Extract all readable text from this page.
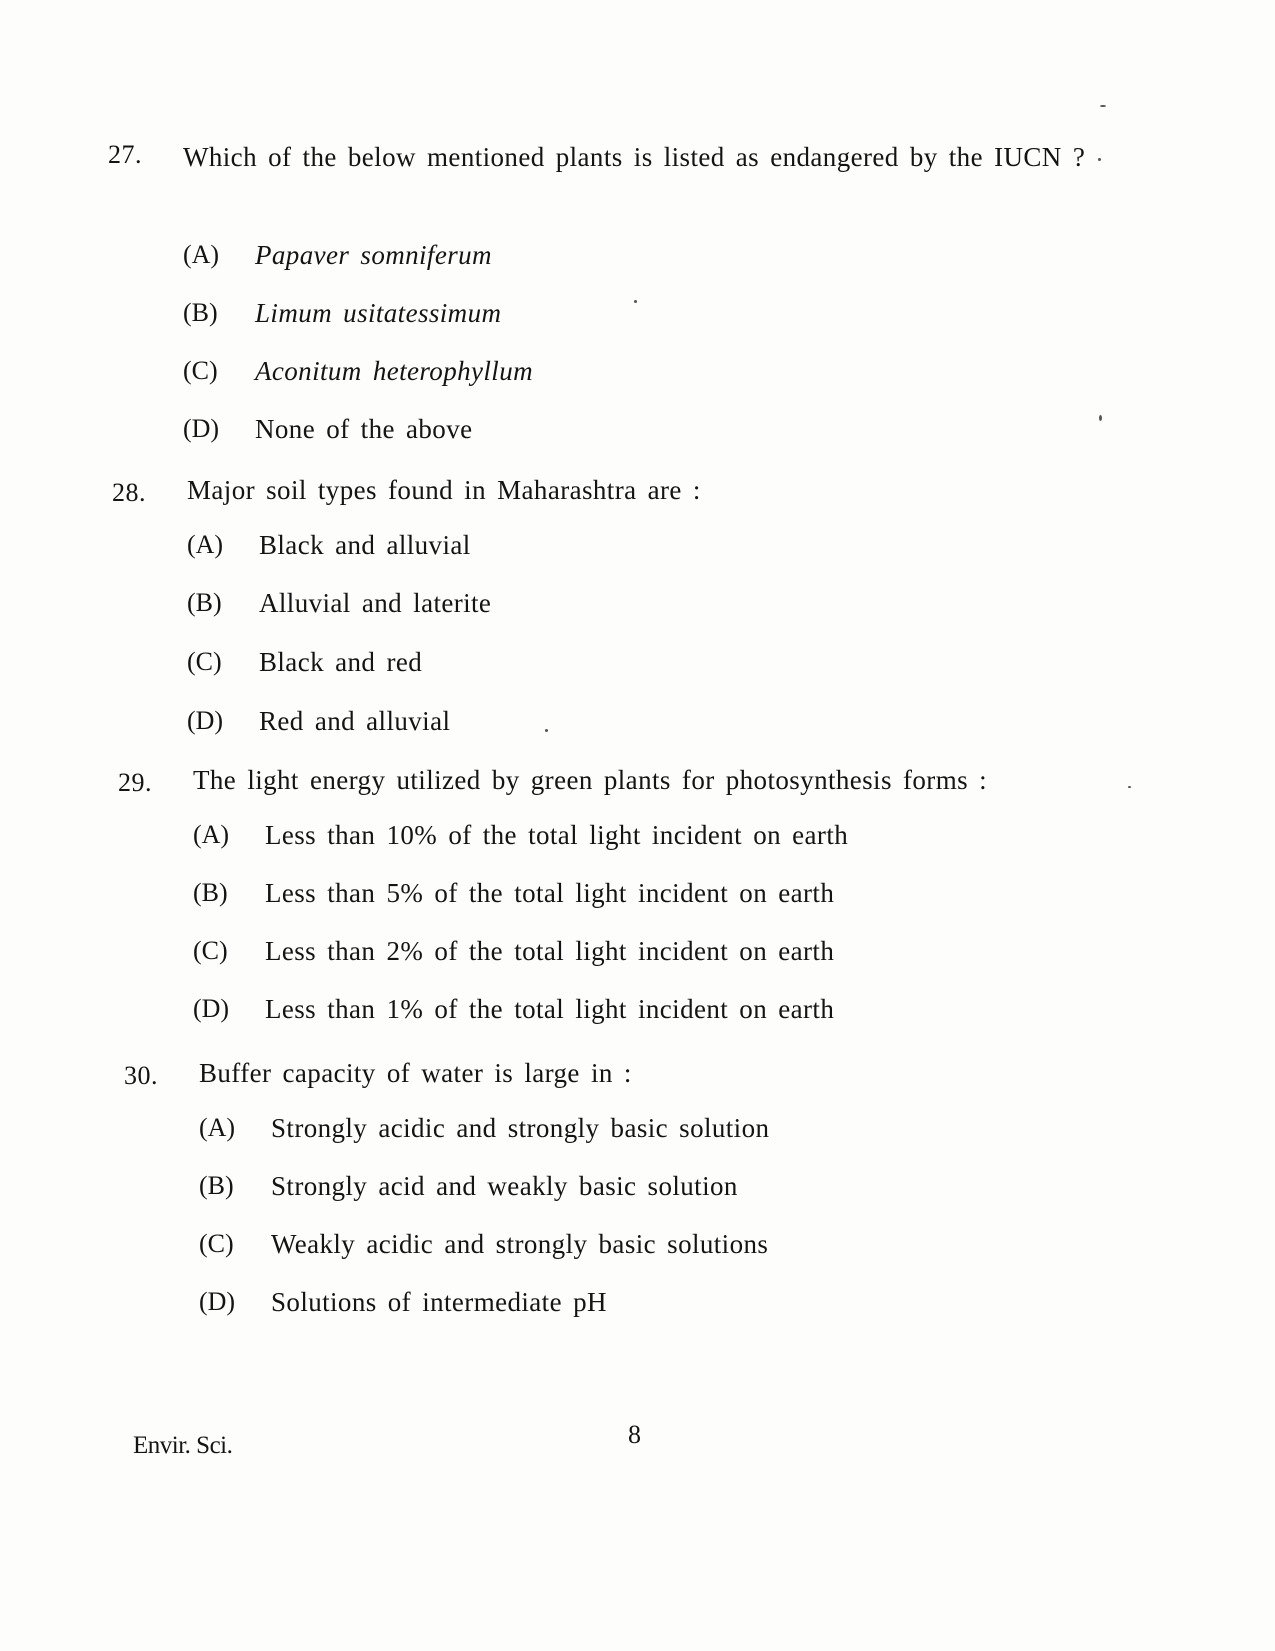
27. Which of the below mentioned plants is listed as endangered by the IUCN ?
(A) Papaver somniferum
(B) Limum usitatessimum
(C) Aconitum heterophyllum
(D) None of the above
28. Major soil types found in Maharashtra are :
(A) Black and alluvial
(B) Alluvial and laterite
(C) Black and red
(D) Red and alluvial
29. The light energy utilized by green plants for photosynthesis forms :
(A) Less than 10% of the total light incident on earth
(B) Less than 5% of the total light incident on earth
(C) Less than 2% of the total light incident on earth
(D) Less than 1% of the total light incident on earth
30. Buffer capacity of water is large in :
(A) Strongly acidic and strongly basic solution
(B) Strongly acid and weakly basic solution
(C) Weakly acidic and strongly basic solutions
(D) Solutions of intermediate pH
Envir. Sci.	8
